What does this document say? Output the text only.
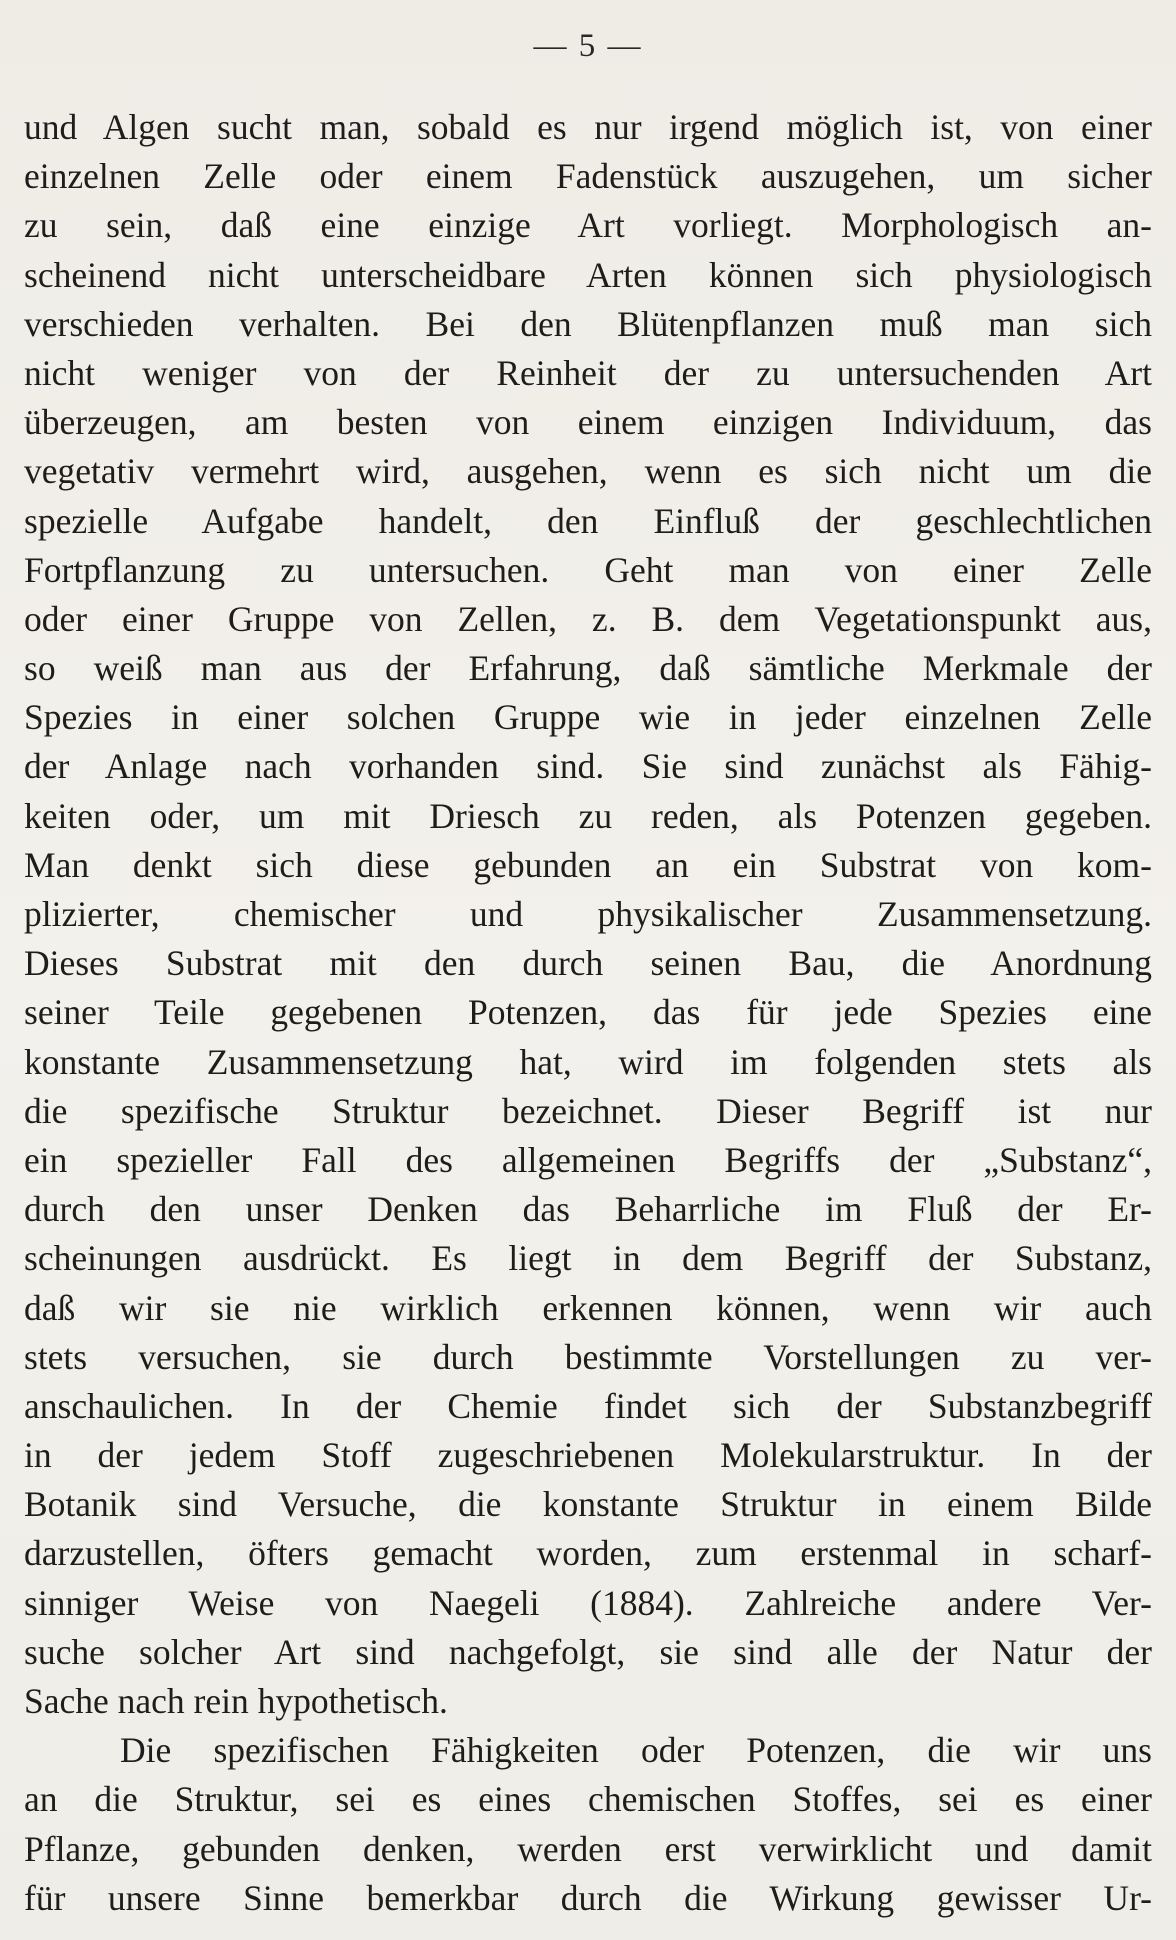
— 5 —
und Algen sucht man, sobald es nur irgend möglich ist, von einer
einzelnen Zelle oder einem Fadenstück auszugehen, um sicher
zu sein, daß eine einzige Art vorliegt. Morphologisch an-
scheinend nicht unterscheidbare Arten können sich physiologisch
verschieden verhalten. Bei den Blütenpflanzen muß man sich
nicht weniger von der Reinheit der zu untersuchenden Art
überzeugen, am besten von einem einzigen Individuum, das
vegetativ vermehrt wird, ausgehen, wenn es sich nicht um die
spezielle Aufgabe handelt, den Einfluß der geschlechtlichen
Fortpflanzung zu untersuchen. Geht man von einer Zelle
oder einer Gruppe von Zellen, z. B. dem Vegetationspunkt aus,
so weiß man aus der Erfahrung, daß sämtliche Merkmale der
Spezies in einer solchen Gruppe wie in jeder einzelnen Zelle
der Anlage nach vorhanden sind. Sie sind zunächst als Fähig-
keiten oder, um mit Driesch zu reden, als Potenzen gegeben.
Man denkt sich diese gebunden an ein Substrat von kom-
plizierter, chemischer und physikalischer Zusammensetzung.
Dieses Substrat mit den durch seinen Bau, die Anordnung
seiner Teile gegebenen Potenzen, das für jede Spezies eine
konstante Zusammensetzung hat, wird im folgenden stets als
die spezifische Struktur bezeichnet. Dieser Begriff ist nur
ein spezieller Fall des allgemeinen Begriffs der „Substanz“,
durch den unser Denken das Beharrliche im Fluß der Er-
scheinungen ausdrückt. Es liegt in dem Begriff der Substanz,
daß wir sie nie wirklich erkennen können, wenn wir auch
stets versuchen, sie durch bestimmte Vorstellungen zu ver-
anschaulichen. In der Chemie findet sich der Substanzbegriff
in der jedem Stoff zugeschriebenen Molekularstruktur. In der
Botanik sind Versuche, die konstante Struktur in einem Bilde
darzustellen, öfters gemacht worden, zum erstenmal in scharf-
sinniger Weise von Naegeli (1884). Zahlreiche andere Ver-
suche solcher Art sind nachgefolgt, sie sind alle der Natur der
Sache nach rein hypothetisch.
Die spezifischen Fähigkeiten oder Potenzen, die wir uns
an die Struktur, sei es eines chemischen Stoffes, sei es einer
Pflanze, gebunden denken, werden erst verwirklicht und damit
für unsere Sinne bemerkbar durch die Wirkung gewisser Ur-
